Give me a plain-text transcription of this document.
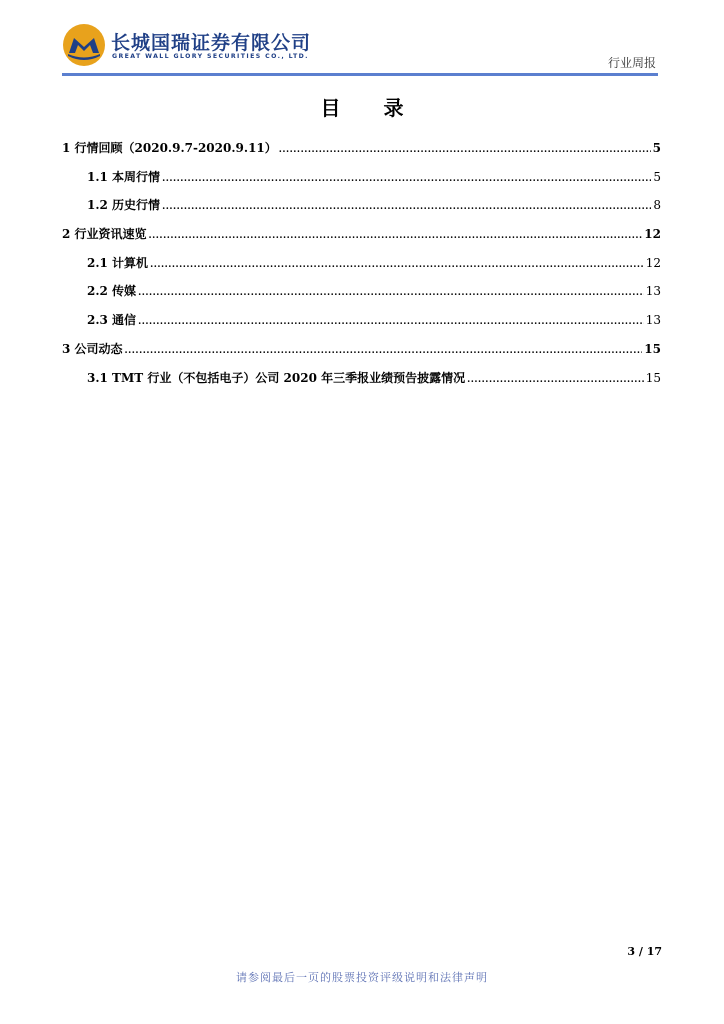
长城国瑞证券有限公司
GREAT WALL GLORY SECURITIES CO., LTD.	行业周报
目 录
1 行情回顾（2020.9.7-2020.9.11） .....	5
1.1 本周行情 .....	5
1.2 历史行情 .....	8
2 行业资讯速览 .....	12
2.1 计算机 .....	12
2.2 传媒 .....	13
2.3 通信 .....	13
3 公司动态 .....	15
3.1 TMT 行业（不包括电子）公司 2020 年三季报业绩预告披露情况 .....	15
3 / 17
请参阅最后一页的股票投资评级说明和法律声明
